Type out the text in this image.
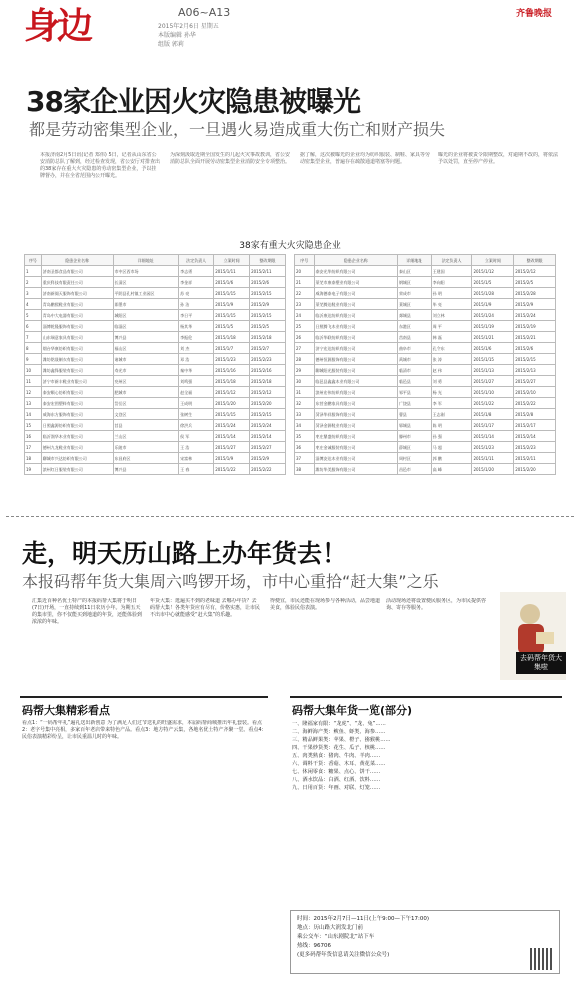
身边	A06~A13
2015年2月6日 星期五
本版编辑 孙华
组版 郭莉
齐鲁晚报
38家企业因火灾隐患被曝光
都是劳动密集型企业，一旦遇火易造成重大伤亡和财产损失
本报济南2月5日讯(记者 郑伟) 5日，记者从山东省公安消防总队了解到，经过检查发现，省公安厅对排查出的38家存在重大火灾隐患的劳动密集型企业，予以挂牌督办，并在全省范围内公开曝光。
为深刻汲取近期全国发生的几起火灾事故教训，省公安消防总队全面开展劳动密集型企业消防安全专项整治。
据了解，这次被曝光的企业均为纺织服装、制鞋、家具等劳动密集型企业，普遍存在疏散通道堵塞等问题。
曝光的企业将被责令限期整改，对逾期不改的，将依法予以处罚，直至停产停业。
38家有重大火灾隐患企业
序号	隐患企业名称	详细地址	法定负责人	立案时间	整改期限
1	济南圣都食品有限公司	市中区西市场	李志勇	2015/1/11	2015/2/11
2	重庆科技有限责任公司	长清区	李金祥	2015/1/6	2015/2/6
3	济南新阁天服饰有限公司	平阴县孔村镇工业园区	苏 亮	2015/1/15	2015/2/15
4	青岛鹏熙鞋业有限公司	即墨市	孙 洁	2015/1/9	2015/2/9
5	青岛中大电器有限公司	城阳区	李日平	2015/1/15	2015/2/15
6	淄博乾隆服饰有限公司	临淄区	杨其华	2015/1/5	2015/2/5
7	山东瑞意家具有限公司	博兴县	李振伦	2015/1/18	2015/2/18
8	烟台华康纺织有限公司	福山区	刘 杰	2015/1/7	2015/2/7
9	潍坊铭晟制衣有限公司	诸城市	邓 浩	2015/1/23	2015/2/23
10	潍坊鑫锋服装有限公司	寿光市	秦中华	2015/1/16	2015/2/16
11	济宁市新丰鞋业有限公司	兖州区	刘鸣强	2015/1/18	2015/2/18
12	泰安顺心纺织有限公司	肥城市	赵全福	2015/1/12	2015/2/12
13	泰安宏图塑料有限公司	岱岳区	王成明	2015/1/20	2015/2/20
14	威海东方服饰有限公司	文登区	张树生	2015/1/15	2015/2/15
15	日照鑫源纺织有限公司	莒县	徐洪兵	2015/1/24	2015/2/24
16	临沂润华木业有限公司	兰山区	侯 军	2015/1/14	2015/2/14
17	德州九龙鞋业有限公司	乐陵市	王 浩	2015/1/27	2015/2/27
18	聊城市兴达纺织有限公司	东昌府区	宋富林	2015/1/9	2015/2/9
19	滨州红日服装有限公司	博兴县	王 春	2015/1/22	2015/2/22
序号	隐患企业名称	详细地址	法定负责人	立案时间	整改期限
20	泰安光华纺织有限公司	泰山区	王建国	2015/1/12	2015/2/12
21	莱芜市康泰塑业有限公司	钢城区	李向阳	2015/1/5	2015/2/5
22	威海德泰电子有限公司	荣成市	孙 明	2015/1/28	2015/2/28
23	莱芜腾达鞋业有限公司	莱城区	毕 亮	2015/1/9	2015/2/9
24	临沂康达纺织有限公司	郯城县	刘立林	2015/1/24	2015/2/24
25	日照腾飞木业有限公司	东港区	周 平	2015/1/19	2015/2/19
26	临沂华联纺织有限公司	莒南县	韩 磊	2015/1/21	2015/2/21
27	济宁宏达纺织有限公司	曲阜市	孔令东	2015/1/6	2015/2/6
28	德州恒源服饰有限公司	禹城市	张 涛	2015/1/15	2015/2/15
29	聊城阳光服装有限公司	临清市	赵 伟	2015/1/13	2015/2/13
30	临邑县鑫鑫木业有限公司	临邑县	刘 勇	2015/1/27	2015/2/27
31	滨州宏伟纺织有限公司	邹平县	杨 光	2015/1/10	2015/2/10
32	东营金鹏家具有限公司	广饶县	李 军	2015/1/22	2015/2/22
33	菏泽华祥服饰有限公司	曹县	王志刚	2015/1/8	2015/2/8
34	菏泽金源鞋业有限公司	郓城县	陈 明	2015/1/17	2015/2/17
35	枣庄鼎盛纺织有限公司	滕州市	孙 强	2015/1/14	2015/2/14
36	枣庄金诚服装有限公司	薛城区	马 超	2015/1/23	2015/2/23
37	淄博安达木业有限公司	周村区	郭 鹏	2015/1/11	2015/2/11
38	潍坊华美服饰有限公司	昌邑市	高 峰	2015/1/20	2015/2/20
走，明天历山路上办年货去！
本报码帮年货大集周六鸣锣开场，市中心重拾“赶大集”之乐
汇集近百种名优土特产的本报码帮大集将于明日(7日)开场，一直持续到11日农历小年。为期五天的集市里，你不仅能买到地道的年货，还能体验到浓浓的年味。
年货大集：逛遍买不到的老味道 去哪办年货？去码帮大集！各类年货应有尽有，价格实惠，让市民不出市中心就能感受“赶大集”的乐趣。
得便宜，市民还能在现场参与各种活动，品尝地道美食，体验民俗表演。
活动现场还将设置便民服务区，为市民提供咨询、寄存等服务。
去码帮年货大集啦
码帮大集精彩看点
看点1：“一码帮年礼”遍礼送出新创意 为了满足人们过节送礼的旺盛需求，本届码帮商城推出年礼套装。看点2：老字号集中亮相，多家百年老店带来特色产品。看点3：地方特产云集，各地名优土特产齐聚一堂。看点4：民俗表演精彩纷呈，让市民重温儿时的年味。
码帮大集年货一览(部分)
一、隆福家有限：“龙虎”、“龙、兔”……
二、海鲜海产类：鲅鱼、虾类、海参……
三、精品鲜果类：苹果、橙子、猕猴桃……
四、干果炒货类：花生、瓜子、核桃……
五、肉类熟食：猪肉、牛肉、羊肉……
六、调料干货：香菇、木耳、黄花菜……
七、休闲零食：糖果、点心、饼干……
八、酒水饮品：白酒、红酒、饮料……
九、日用百货：年画、对联、灯笼……
时间：2015年2月7日—11日(上午9:00—下午17:00)
地点：历山路大润发北门前
乘公交车：“山东剧院北”站下车
热线：96706
(更多码帮年货信息请关注微信公众号)
